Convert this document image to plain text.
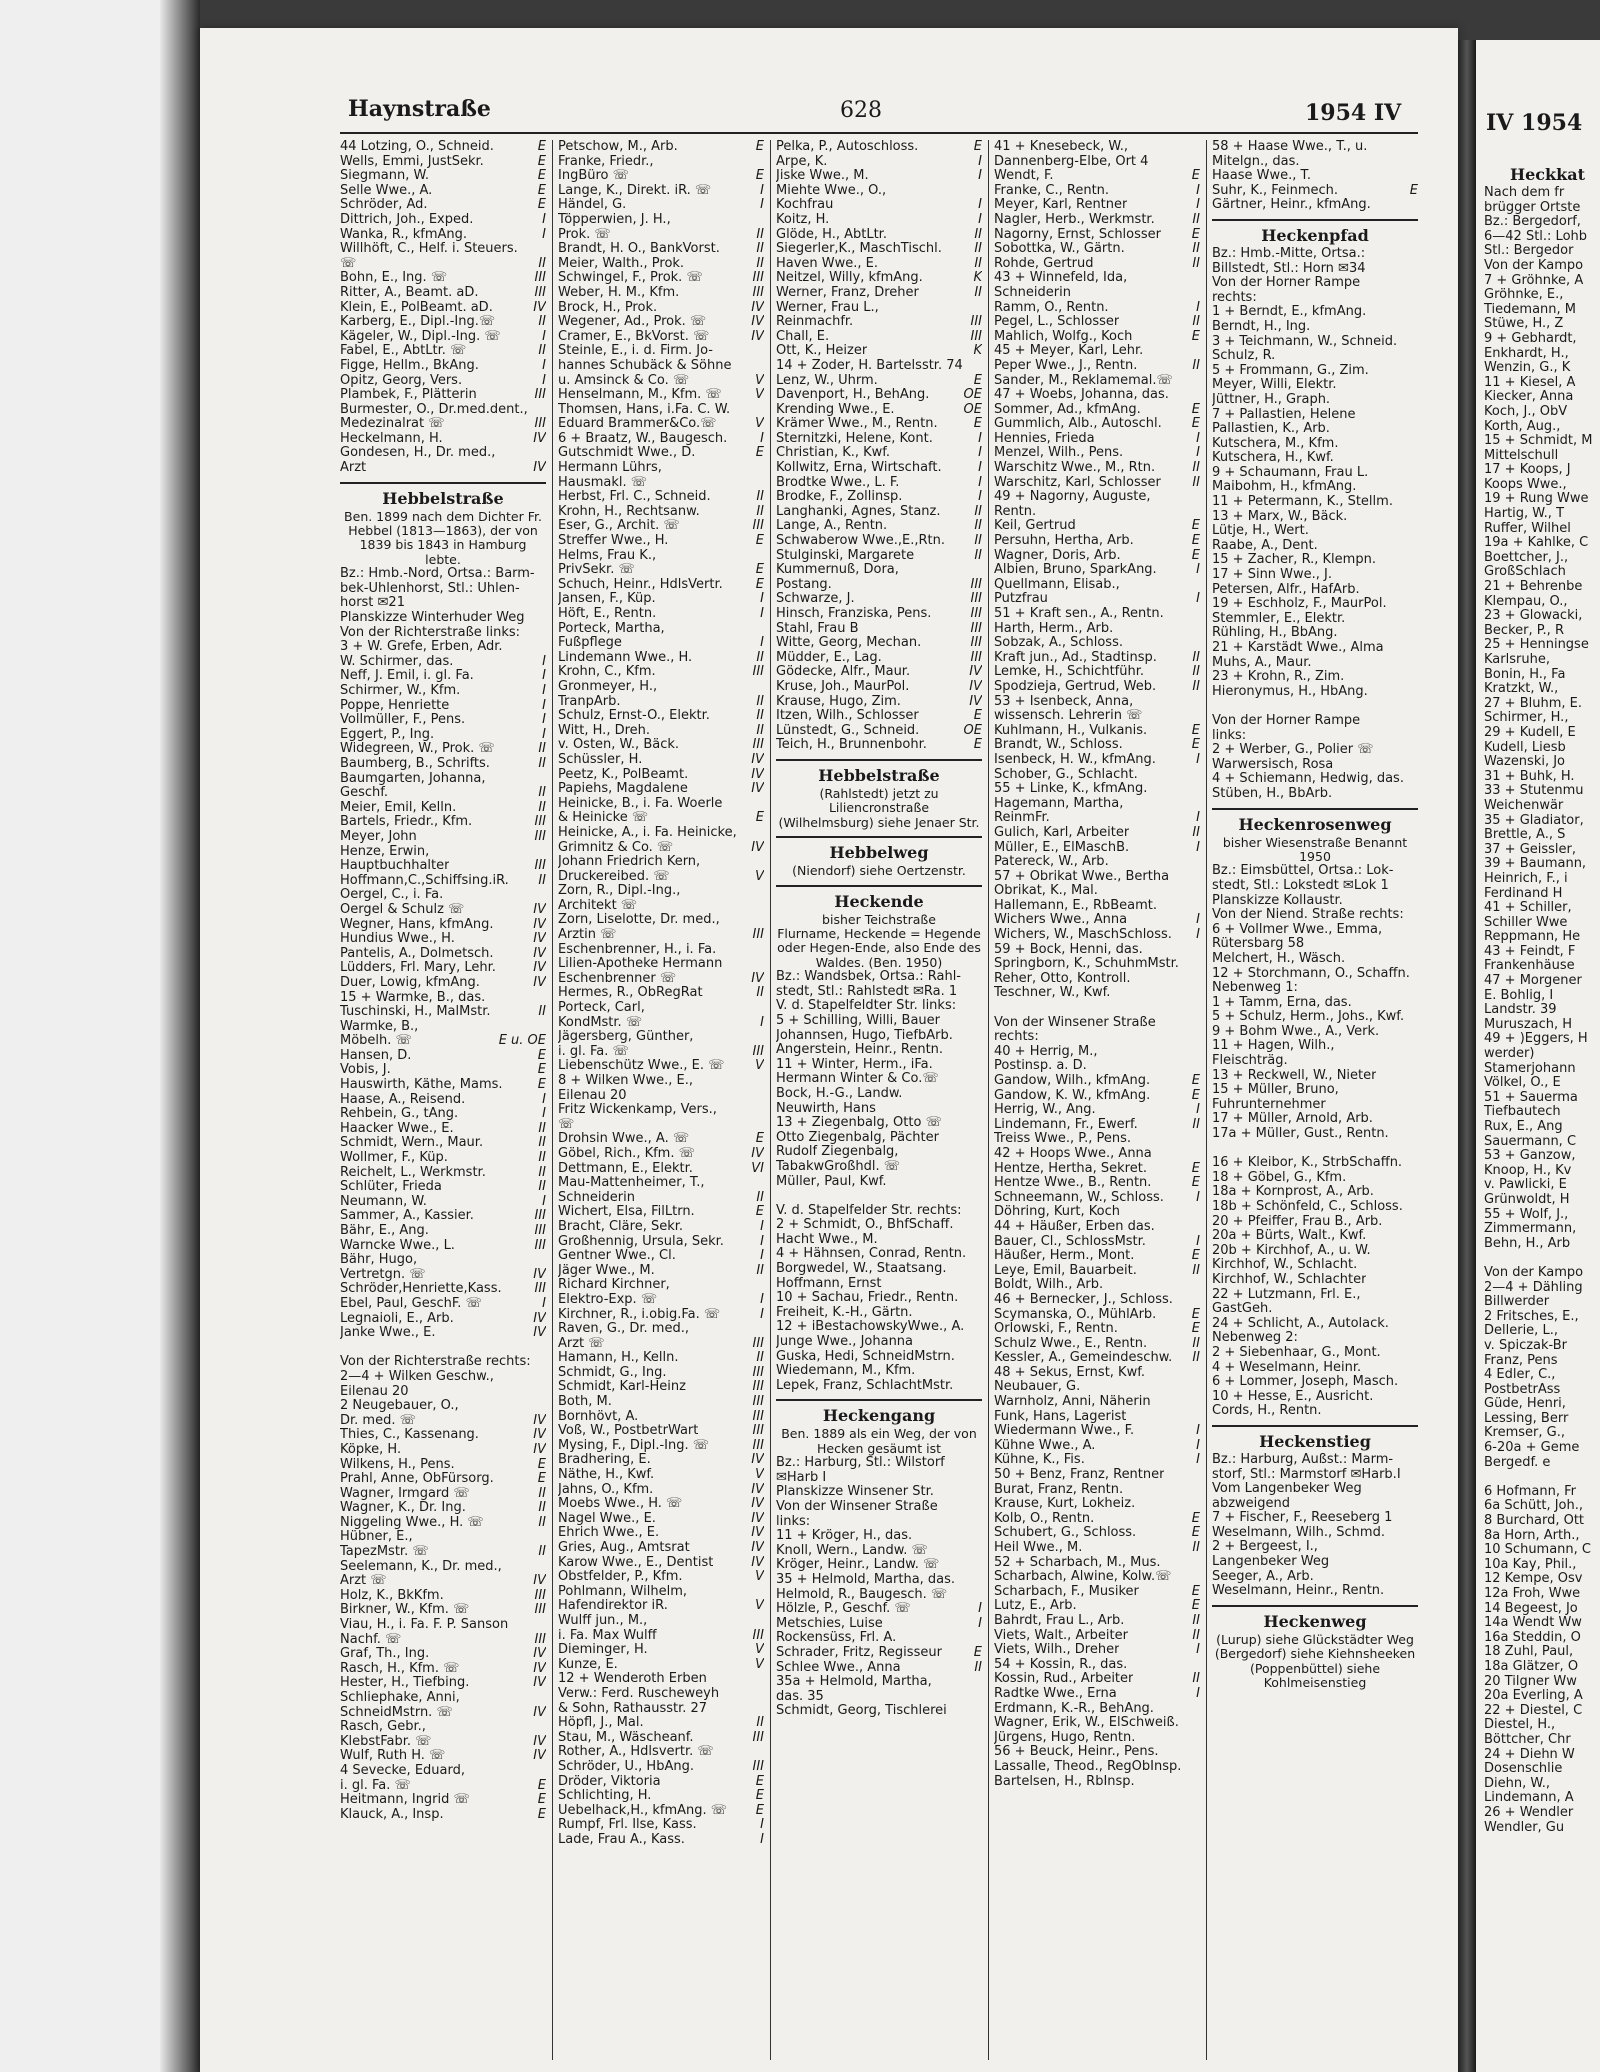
Haynstraße	628	1954 IV
44 Lotzing, O., Schneid.	E
Wells, Emmi, JustSekr.	E
Siegmann, W.	E
Selle Wwe., A.	E
Schröder, Ad.	E
Dittrich, Joh., Exped.	I
Wanka, R., kfmAng.	I
Willhöft, C., Helf. i. Steuers.
☏	II
Bohn, E., Ing. ☏	III
Ritter, A., Beamt. aD.	III
Klein, E., PolBeamt. aD.	IV
Karberg, E., Dipl.-Ing.☏	II
Kägeler, W., Dipl.-Ing. ☏	I
Fabel, E., AbtLtr. ☏	II
Figge, Hellm., BkAng.	I
Opitz, Georg, Vers.	I
Plambek, F., Plätterin	III
Burmester, O., Dr.med.dent.,
Medezinalrat ☏	III
Heckelmann, H.	IV
Gondesen, H., Dr. med.,
Arzt	IV
Hebbelstraße
Ben. 1899 nach dem Dichter Fr. Hebbel (1813—1863), der von 1839 bis 1843 in Hamburg lebte.
Bz.: Hmb.-Nord, Ortsa.: Barm-
bek-Uhlenhorst, Stl.: Uhlen-
horst ✉21
Planskizze Winterhuder Weg
Von der Richterstraße links:
3 + W. Grefe, Erben, Adr.
W. Schirmer, das.	I
Neff, J. Emil, i. gl. Fa.	I
Schirmer, W., Kfm.	I
Poppe, Henriette	I
Vollmüller, F., Pens.	I
Eggert, P., Ing.	I
Widegreen, W., Prok. ☏	II
Baumberg, B., Schrifts.	II
Baumgarten, Johanna,
Geschf.	II
Meier, Emil, Kelln.	II
Bartels, Friedr., Kfm.	III
Meyer, John	III
Henze, Erwin,
Hauptbuchhalter	III
Hoffmann,C.,Schiffsing.iR.	II
Oergel, C., i. Fa.
Oergel & Schulz ☏	IV
Wegner, Hans, kfmAng.	IV
Hundius Wwe., H.	IV
Pantelis, A., Dolmetsch.	IV
Lüdders, Frl. Mary, Lehr.	IV
Duer, Lowig, kfmAng.	IV
15 + Warmke, B., das.
Tuschinski, H., MalMstr.	II
Warmke, B.,
Möbelh. ☏	E u. OE
Hansen, D.	E
Vobis, J.	E
Hauswirth, Käthe, Mams.	E
Haase, A., Reisend.	I
Rehbein, G., tAng.	I
Haacker Wwe., E.	II
Schmidt, Wern., Maur.	II
Wollmer, F., Küp.	II
Reichelt, L., Werkmstr.	II
Schlüter, Frieda	II
Neumann, W.	I
Sammer, A., Kassier.	III
Bähr, E., Ang.	III
Warncke Wwe., L.	III
Bähr, Hugo,
Vertretgn. ☏	IV
Schröder,Henriette,Kass.	III
Ebel, Paul, GeschF. ☏	I
Legnaioli, E., Arb.	IV
Janke Wwe., E.	IV

Von der Richterstraße rechts:
2—4 + Wilken Geschw.,
Eilenau 20
2 Neugebauer, O.,
Dr. med. ☏	IV
Thies, C., Kassenang.	IV
Köpke, H.	IV
Wilkens, H., Pens.	E
Prahl, Anne, ObFürsorg.	E
Wagner, Irmgard ☏	II
Wagner, K., Dr. Ing.	II
Niggeling Wwe., H. ☏	II
Hübner, E.,
TapezMstr. ☏	II
Seelemann, K., Dr. med.,
Arzt ☏	IV
Holz, K., BkKfm.	III
Birkner, W., Kfm. ☏	III
Viau, H., i. Fa. F. P. Sanson
Nachf. ☏	III
Graf, Th., Ing.	IV
Rasch, H., Kfm. ☏	IV
Hester, H., Tiefbing.	IV
Schliephake, Anni,
SchneidMstrn. ☏	IV
Rasch, Gebr.,
KlebstFabr. ☏	IV
Wulf, Ruth H. ☏	IV
4 Sevecke, Eduard,
i. gl. Fa. ☏	E
Heitmann, Ingrid ☏	E
Klauck, A., Insp.	E
Petschow, M., Arb.	E
Franke, Friedr.,
IngBüro ☏	E
Lange, K., Direkt. iR. ☏	I
Händel, G.	I
Töpperwien, J. H.,
Prok. ☏	II
Brandt, H. O., BankVorst.	II
Meier, Walth., Prok.	II
Schwingel, F., Prok. ☏	III
Weber, H. M., Kfm.	III
Brock, H., Prok.	IV
Wegener, Ad., Prok. ☏	IV
Cramer, E., BkVorst. ☏	IV
Steinle, E., i. d. Firm. Jo-
hannes Schubäck & Söhne
u. Amsinck & Co. ☏	V
Henselmann, M., Kfm. ☏	V
Thomsen, Hans, i.Fa. C. W.
Eduard Brammer&Co.☏	V
6 + Braatz, W., Baugesch.	I
Gutschmidt Wwe., D.	E
Hermann Lührs,
Hausmakl. ☏
Herbst, Frl. C., Schneid.	II
Krohn, H., Rechtsanw.	II
Eser, G., Archit. ☏	III
Streffer Wwe., H.	E
Helms, Frau K.,
PrivSekr. ☏	E
Schuch, Heinr., HdlsVertr.	E
Jansen, F., Küp.	I
Höft, E., Rentn.	I
Porteck, Martha,
Fußpflege	I
Lindemann Wwe., H.	II
Krohn, C., Kfm.	III
Gronmeyer, H.,
TranpArb.	II
Schulz, Ernst-O., Elektr.	II
Witt, H., Dreh.	II
v. Osten, W., Bäck.	III
Schüssler, H.	IV
Peetz, K., PolBeamt.	IV
Papiehs, Magdalene	IV
Heinicke, B., i. Fa. Woerle
& Heinicke ☏	E
Heinicke, A., i. Fa. Heinicke,
Grimnitz & Co. ☏	IV
Johann Friedrich Kern,
Druckereibed. ☏	V
Zorn, R., Dipl.-Ing.,
Architekt ☏
Zorn, Liselotte, Dr. med.,
Arztin ☏	III
Eschenbrenner, H., i. Fa.
Lilien-Apotheke Hermann
Eschenbrenner ☏	IV
Hermes, R., ObRegRat	II
Porteck, Carl,
KondMstr. ☏	I
Jägersberg, Günther,
i. gl. Fa. ☏	III
Liebenschütz Wwe., E. ☏	V
8 + Wilken Wwe., E.,
Eilenau 20
Fritz Wickenkamp, Vers.,
☏
Drohsin Wwe., A. ☏	E
Göbel, Rich., Kfm. ☏	IV
Dettmann, E., Elektr.	VI
Mau-Mattenheimer, T.,
Schneiderin	II
Wichert, Elsa, FilLtrn.	E
Bracht, Cläre, Sekr.	I
Großhennig, Ursula, Sekr.	I
Gentner Wwe., Cl.	I
Jäger Wwe., M.	II
Richard Kirchner,
Elektro-Exp. ☏	I
Kirchner, R., i.obig.Fa. ☏	I
Raven, G., Dr. med.,
Arzt ☏	III
Hamann, H., Kelln.	II
Schmidt, G., Ing.	III
Schmidt, Karl-Heinz	III
Both, M.	III
Bornhövt, A.	III
Voß, W., PostbetrWart	III
Mysing, F., Dipl.-Ing. ☏	III
Bradhering, E.	IV
Näthe, H., Kwf.	V
Jahns, O., Kfm.	IV
Moebs Wwe., H. ☏	IV
Nagel Wwe., E.	IV
Ehrich Wwe., E.	IV
Gries, Aug., Amtsrat	IV
Karow Wwe., E., Dentist	IV
Obstfelder, P., Kfm.	V
Pohlmann, Wilhelm,
Hafendirektor iR.	V
Wulff jun., M.,
i. Fa. Max Wulff	III
Dieminger, H.	V
Kunze, E.	V
12 + Wenderoth Erben
Verw.: Ferd. Ruscheweyh
& Sohn, Rathausstr. 27
Höpfl, J., Mal.	II
Stau, M., Wäscheanf.	III
Rother, A., Hdlsvertr. ☏
Schröder, U., HbAng.	III
Dröder, Viktoria	E
Schlichting, H.	E
Uebelhack,H., kfmAng. ☏	E
Rumpf, Frl. Ilse, Kass.	I
Lade, Frau A., Kass.	I
Pelka, P., Autoschloss.	E
Arpe, K.	I
Jiske Wwe., M.	I
Miehte Wwe., O.,
Kochfrau	I
Koitz, H.	I
Glöde, H., AbtLtr.	II
Siegerler,K., MaschTischl.	II
Haven Wwe., E.	II
Neitzel, Willy, kfmAng.	K
Werner, Franz, Dreher	II
Werner, Frau L.,
Reinmachfr.	III
Chall, E.	III
Ott, K., Heizer	K
14 + Zoder, H. Bartelsstr. 74
Lenz, W., Uhrm.	E
Davenport, H., BehAng.	OE
Krending Wwe., E.	OE
Krämer Wwe., M., Rentn.	E
Sternitzki, Helene, Kont.	I
Christian, K., Kwf.	I
Kollwitz, Erna, Wirtschaft.	I
Brodtke Wwe., L. F.	I
Brodke, F., Zollinsp.	I
Langhanki, Agnes, Stanz.	II
Lange, A., Rentn.	II
Schwaberow Wwe.,E.,Rtn.	II
Stulginski, Margarete	II
Kummernuß, Dora,
Postang.	III
Schwarze, J.	III
Hinsch, Franziska, Pens.	III
Stahl, Frau B	III
Witte, Georg, Mechan.	III
Müdder, E., Lag.	III
Gödecke, Alfr., Maur.	IV
Kruse, Joh., MaurPol.	IV
Krause, Hugo, Zim.	IV
Itzen, Wilh., Schlosser	E
Lünstedt, G., Schneid.	OE
Teich, H., Brunnenbohr.	E
Hebbelstraße
(Rahlstedt) jetzt zu Liliencronstraße
(Wilhelmsburg) siehe Jenaer Str.
Hebbelweg
(Niendorf) siehe Oertzenstr.
Heckende
bisher Teichstraße
Flurname, Heckende = Hegende oder Hegen-Ende, also Ende des Waldes. (Ben. 1950)
Bz.: Wandsbek, Ortsa.: Rahl-
stedt, Stl.: Rahlstedt ✉Ra. 1
V. d. Stapelfeldter Str. links:
5 + Schilling, Willi, Bauer
Johannsen, Hugo, TiefbArb.
Angerstein, Heinr., Rentn.
11 + Winter, Herm., iFa.
Hermann Winter & Co.☏
Bock, H.-G., Landw.
Neuwirth, Hans
13 + Ziegenbalg, Otto ☏
Otto Ziegenbalg, Pächter
Rudolf Ziegenbalg,
TabakwGroßhdl. ☏
Müller, Paul, Kwf.

V. d. Stapelfelder Str. rechts:
2 + Schmidt, O., BhfSchaff.
Hacht Wwe., M.
4 + Hähnsen, Conrad, Rentn.
Borgwedel, W., Staatsang.
Hoffmann, Ernst
10 + Sachau, Friedr., Rentn.
Freiheit, K.-H., Gärtn.
12 + iBestachowskyWwe., A.
Junge Wwe., Johanna
Guska, Hedi, SchneidMstrn.
Wiedemann, M., Kfm.
Lepek, Franz, SchlachtMstr.
Heckengang
Ben. 1889 als ein Weg, der von Hecken gesäumt ist
Bz.: Harburg, Stl.: Wilstorf
✉Harb I
Planskizze Winsener Str.
Von der Winsener Straße
links:
11 + Kröger, H., das.
Knoll, Wern., Landw. ☏
Kröger, Heinr., Landw. ☏
35 + Helmold, Martha, das.
Helmold, R., Baugesch. ☏
Hölzle, P., Geschf. ☏	I
Metschies, Luise	I
Rockensüss, Frl. A.
Schrader, Fritz, Regisseur	E
Schlee Wwe., Anna	II
35a + Helmold, Martha,
das. 35
Schmidt, Georg, Tischlerei
41 + Knesebeck, W.,
Dannenberg-Elbe, Ort 4
Wendt, F.	E
Franke, C., Rentn.	I
Meyer, Karl, Rentner	I
Nagler, Herb., Werkmstr.	II
Nagorny, Ernst, Schlosser	E
Sobottka, W., Gärtn.	II
Rohde, Gertrud	II
43 + Winnefeld, Ida,
Schneiderin
Ramm, O., Rentn.	I
Pegel, L., Schlosser	II
Mahlich, Wolfg., Koch	E
45 + Meyer, Karl, Lehr.
Peper Wwe., J., Rentn.	II
Sander, M., Reklamemal.☏
47 + Woebs, Johanna, das.
Sommer, Ad., kfmAng.	E
Gummlich, Alb., Autoschl.	E
Hennies, Frieda	I
Menzel, Wilh., Pens.	I
Warschitz Wwe., M., Rtn.	II
Warschitz, Karl, Schlosser	II
49 + Nagorny, Auguste,
Rentn.
Keil, Gertrud	E
Persuhn, Hertha, Arb.	E
Wagner, Doris, Arb.	E
Albien, Bruno, SparkAng.	I
Quellmann, Elisab.,
Putzfrau	I
51 + Kraft sen., A., Rentn.
Harth, Herm., Arb.
Sobzak, A., Schloss.
Kraft jun., Ad., Stadtinsp.	II
Lemke, H., Schichtführ.	II
Spodzieja, Gertrud, Web.	II
53 + Isenbeck, Anna,
wissensch. Lehrerin ☏
Kuhlmann, H., Vulkanis.	E
Brandt, W., Schloss.	E
Isenbeck, H. W., kfmAng.	I
Schober, G., Schlacht.
55 + Linke, K., kfmAng.
Hagemann, Martha,
ReinmFr.	I
Gulich, Karl, Arbeiter	II
Müller, E., ElMaschB.	I
Patereck, W., Arb.
57 + Obrikat Wwe., Bertha
Obrikat, K., Mal.
Hallemann, E., RbBeamt.
Wichers Wwe., Anna	I
Wichers, W., MaschSchloss.	I
59 + Bock, Henni, das.
Springborn, K., SchuhmMstr.
Reher, Otto, Kontroll.
Teschner, W., Kwf.

Von der Winsener Straße
rechts:
40 + Herrig, M.,
Postinsp. a. D.
Gandow, Wilh., kfmAng.	E
Gandow, K. W., kfmAng.	E
Herrig, W., Ang.	I
Lindemann, Fr., Ewerf.	II
Treiss Wwe., P., Pens.
42 + Hoops Wwe., Anna
Hentze, Hertha, Sekret.	E
Hentze Wwe., B., Rentn.	E
Schneemann, W., Schloss.	I
Döhring, Kurt, Koch
44 + Häußer, Erben das.
Bauer, Cl., SchlossMstr.	I
Häußer, Herm., Mont.	E
Leye, Emil, Bauarbeit.	II
Boldt, Wilh., Arb.
46 + Bernecker, J., Schloss.
Scymanska, O., MühlArb.	E
Orlowski, F., Rentn.	E
Schulz Wwe., E., Rentn.	II
Kessler, A., Gemeindeschw.	II
48 + Sekus, Ernst, Kwf.
Neubauer, G.
Warnholz, Anni, Näherin
Funk, Hans, Lagerist
Wiedermann Wwe., F.	I
Kühne Wwe., A.	I
Kühne, K., Fis.	I
50 + Benz, Franz, Rentner
Burat, Franz, Rentn.
Krause, Kurt, Lokheiz.
Kolb, O., Rentn.	E
Schubert, G., Schloss.	E
Heil Wwe., M.	II
52 + Scharbach, M., Mus.
Scharbach, Alwine, Kolw.☏
Scharbach, F., Musiker	E
Lutz, E., Arb.	E
Bahrdt, Frau L., Arb.	II
Viets, Walt., Arbeiter	II
Viets, Wilh., Dreher	I
54 + Kossin, R., das.
Kossin, Rud., Arbeiter	II
Radtke Wwe., Erna	I
Erdmann, K.-R., BehAng.
Wagner, Erik, W., ElSchweiß.
Jürgens, Hugo, Rentn.
56 + Beuck, Heinr., Pens.
Lassalle, Theod., RegObInsp.
Bartelsen, H., RbInsp.
58 + Haase Wwe., T., u.
Mitelgn., das.
Haase Wwe., T.
Suhr, K., Feinmech.	E
Gärtner, Heinr., kfmAng.
Heckenpfad
Bz.: Hmb.-Mitte, Ortsa.:
Billstedt, Stl.: Horn ✉34
Von der Horner Rampe
rechts:
1 + Berndt, E., kfmAng.
Berndt, H., Ing.
3 + Teichmann, W., Schneid.
Schulz, R.
5 + Frommann, G., Zim.
Meyer, Willi, Elektr.
Jüttner, H., Graph.
7 + Pallastien, Helene
Pallastien, K., Arb.
Kutschera, M., Kfm.
Kutschera, H., Kwf.
9 + Schaumann, Frau L.
Maibohm, H., kfmAng.
11 + Petermann, K., Stellm.
13 + Marx, W., Bäck.
Lütje, H., Wert.
Raabe, A., Dent.
15 + Zacher, R., Klempn.
17 + Sinn Wwe., J.
Petersen, Alfr., HafArb.
19 + Eschholz, F., MaurPol.
Stemmler, E., Elektr.
Rühling, H., BbAng.
21 + Karstädt Wwe., Alma
Muhs, A., Maur.
23 + Krohn, R., Zim.
Hieronymus, H., HbAng.

Von der Horner Rampe
links:
2 + Werber, G., Polier ☏
Warwersisch, Rosa
4 + Schiemann, Hedwig, das.
Stüben, H., BbArb.
Heckenrosenweg
bisher Wiesenstraße Benannt 1950
Bz.: Eimsbüttel, Ortsa.: Lok-
stedt, Stl.: Lokstedt ✉Lok 1
Planskizze Kollaustr.
Von der Niend. Straße rechts:
6 + Vollmer Wwe., Emma,
Rütersbarg 58
Melchert, H., Wäsch.
12 + Storchmann, O., Schaffn.
Nebenweg 1:
1 + Tamm, Erna, das.
5 + Schulz, Herm., Johs., Kwf.
9 + Bohm Wwe., A., Verk.
11 + Hagen, Wilh.,
Fleischträg.
13 + Reckwell, W., Nieter
15 + Müller, Bruno,
Fuhrunternehmer
17 + Müller, Arnold, Arb.
17a + Müller, Gust., Rentn.

16 + Kleibor, K., StrbSchaffn.
18 + Göbel, G., Kfm.
18a + Kornprost, A., Arb.
18b + Schönfeld, C., Schloss.
20 + Pfeiffer, Frau B., Arb.
20a + Bürts, Walt., Kwf.
20b + Kirchhof, A., u. W.
Kirchhof, W., Schlacht.
Kirchhof, W., Schlachter
22 + Lutzmann, Frl. E.,
GastGeh.
24 + Schlicht, A., Autolack.
Nebenweg 2:
2 + Siebenhaar, G., Mont.
4 + Weselmann, Heinr.
6 + Lommer, Joseph, Masch.
10 + Hesse, E., Ausricht.
Cords, H., Rentn.
Heckenstieg
Bz.: Harburg, Außst.: Marm-
storf, Stl.: Marmstorf ✉Harb.I
Vom Langenbeker Weg
abzweigend
7 + Fischer, F., Reeseberg 1
Weselmann, Wilh., Schmd.
2 + Bergeest, I.,
Langenbeker Weg
Seeger, A., Arb.
Weselmann, Heinr., Rentn.
Heckenweg
(Lurup) siehe Glückstädter Weg
(Bergedorf) siehe Kiehnsheeken
(Poppenbüttel) siehe Kohlmeisenstieg
IV 1954
Heckkat
Nach dem fr
brügger Ortste
Bz.: Bergedorf,
6—42 Stl.: Lohb
Stl.: Bergedor
Von der Kampo
7 + Gröhnke, A
Gröhnke, E.,
Tiedemann, M
Stüwe, H., Z
9 + Gebhardt,
Enkhardt, H.,
Wenzin, G., K
11 + Kiesel, A
Kiecker, Anna
Koch, J., ObV
Korth, Aug.,
15 + Schmidt, M
Mittelschull
17 + Koops, J
Koops Wwe.,
19 + Rung Wwe
Hartig, W., T
Ruffer, Wilhel
19a + Kahlke, C
Boettcher, J.,
GroßSchlach
21 + Behrenbe
Klempau, O.,
23 + Glowacki,
Becker, P., R
25 + Henningse
Karlsruhe,
Bonin, H., Fa
Kratzkt, W.,
27 + Bluhm, E.
Schirmer, H.,
29 + Kudell, E
Kudell, Liesb
Wazenski, Jo
31 + Buhk, H.
33 + Stutenmu
Weichenwär
35 + Gladiator,
Brettle, A., S
37 + Geissler,
39 + Baumann,
Heinrich, F., i
Ferdinand H
41 + Schiller,
Schiller Wwe
Reppmann, He
43 + Feindt, F
Frankenhäuse
47 + Morgener
E. Bohlig, I
Landstr. 39
Muruszach, H
49 + )Eggers, H
werder)
Stamerjohann
Völkel, O., E
51 + Sauerma
Tiefbautech
Rux, E., Ang
Sauermann, C
53 + Ganzow,
Knoop, H., Kv
v. Pawlicki, E
Grünwoldt, H
55 + Wolf, J.,
Zimmermann,
Behn, H., Arb

Von der Kampo
2—4 + Dähling
Billwerder
2 Fritsches, E.,
Dellerie, L.,
v. Spiczak-Br
Franz, Pens
4 Edler, C.,
PostbetrAss
Güde, Henri,
Lessing, Berr
Kremser, G.,
6-20a + Geme
Bergedf. e

6 Hofmann, Fr
6a Schütt, Joh.,
8 Burchard, Ott
8a Horn, Arth.,
10 Schumann, C
10a Kay, Phil.,
12 Kempe, Osv
12a Froh, Wwe
14 Begeest, Jo
14a Wendt Ww
16a Steddin, O
18 Zuhl, Paul,
18a Glätzer, O
20 Tilgner Ww
20a Everling, A
22 + Diestel, C
Diestel, H.,
Böttcher, Chr
24 + Diehn W
Dosenschlie
Diehn, W.,
Lindemann, A
26 + Wendler
Wendler, Gu
